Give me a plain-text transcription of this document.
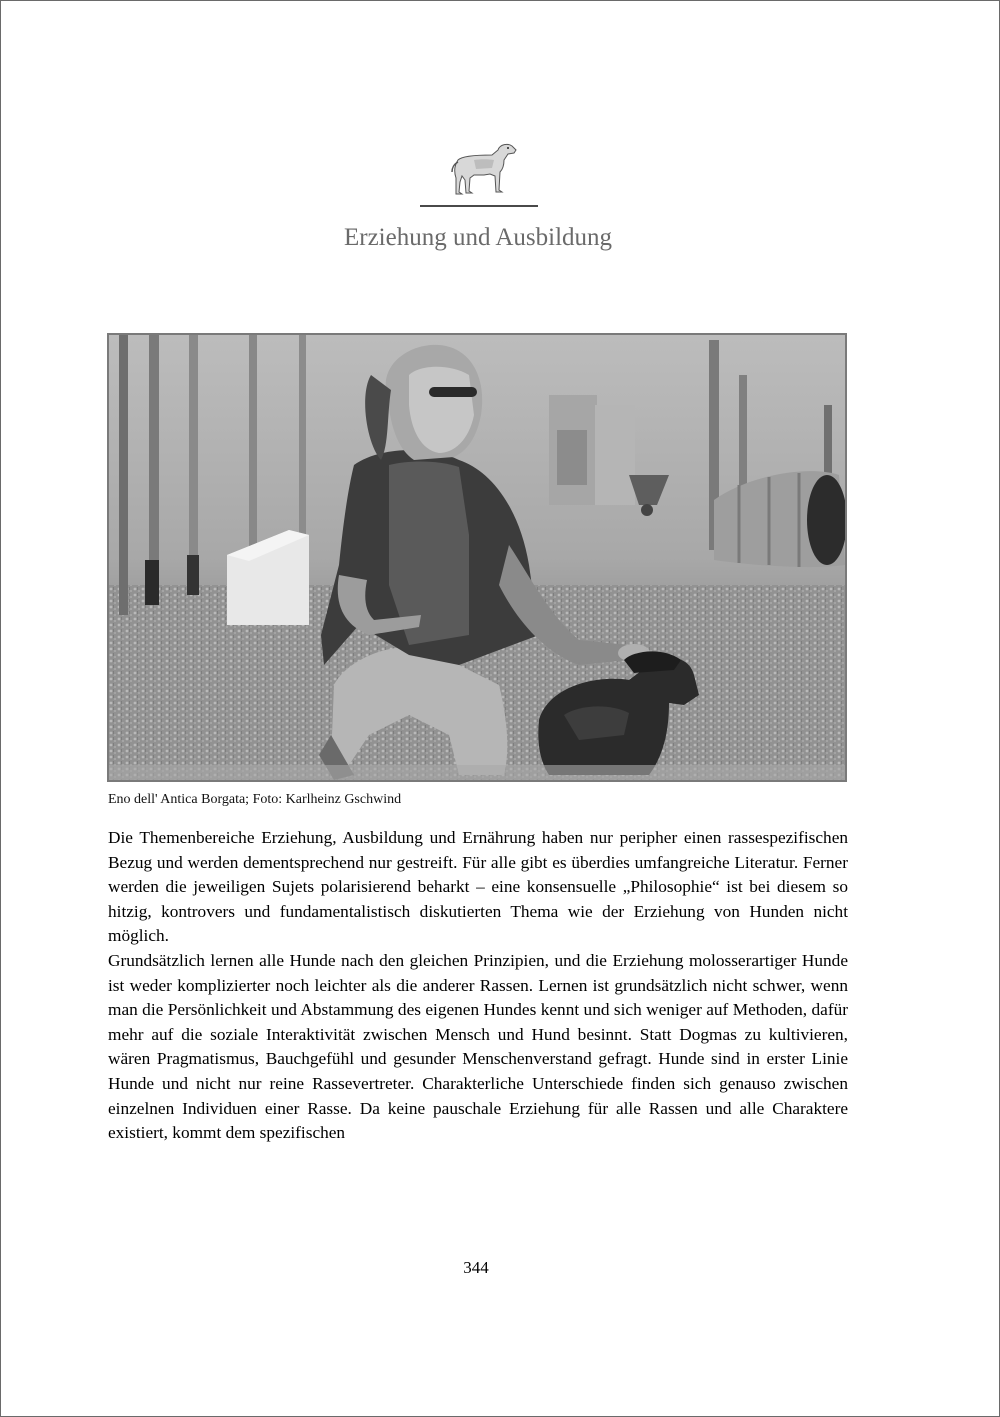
Erziehung und Ausbildung

Eno dell' Antica Borgata; Foto: Karlheinz Gschwind

Die Themenbereiche Erziehung, Ausbildung und Ernährung haben nur peripher einen rassespezifischen Bezug und werden dementsprechend nur gestreift. Für alle gibt es überdies umfangreiche Literatur. Ferner werden die jeweiligen Sujets polarisierend beharkt – eine konsensuelle „Philosophie“ ist bei diesem so hitzig, kontrovers und fundamentalistisch diskutierten Thema wie der Erziehung von Hunden nicht möglich.

Grundsätzlich lernen alle Hunde nach den gleichen Prinzipien, und die Erziehung molosserartiger Hunde ist weder komplizierter noch leichter als die anderer Rassen. Lernen ist grundsätzlich nicht schwer, wenn man die Persönlichkeit und Abstammung des eigenen Hundes kennt und sich weniger auf Methoden, dafür mehr auf die soziale Interaktivität zwischen Mensch und Hund besinnt. Statt Dogmas zu kultivieren, wären Pragmatismus, Bauchgefühl und gesunder Menschenverstand gefragt. Hunde sind in erster Linie Hunde und nicht nur reine Rassevertreter. Charakterliche Unterschiede finden sich genauso zwischen einzelnen Individuen einer Rasse. Da keine pauschale Erziehung für alle Rassen und alle Charaktere existiert, kommt dem spezifischen

344
